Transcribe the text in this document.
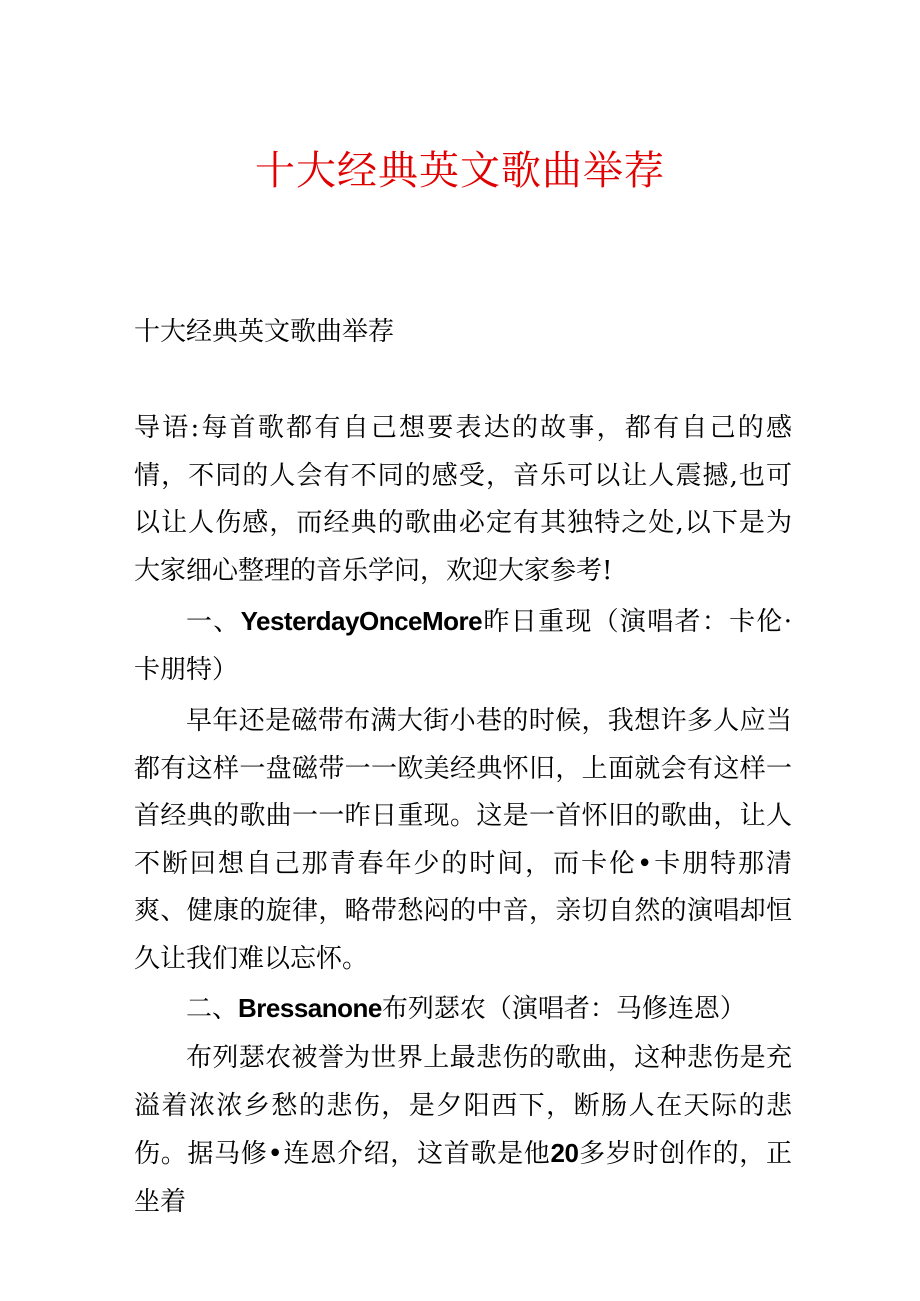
十大经典英文歌曲举荐

十大经典英文歌曲举荐

导语:每首歌都有自己想要表达的故事，都有自己的感情，不同的人会有不同的感受，音乐可以让人震撼,也可以让人伤感，而经典的歌曲必定有其独特之处,以下是为大家细心整理的音乐学问，欢迎大家参考!

一、YesterdayOnceMore昨日重现（演唱者：卡伦·卡朋特）

早年还是磁带布满大街小巷的时候，我想许多人应当都有这样一盘磁带一一欧美经典怀旧，上面就会有这样一首经典的歌曲一一昨日重现。这是一首怀旧的歌曲，让人不断回想自己那青春年少的时间，而卡伦•卡朋特那清爽、健康的旋律，略带愁闷的中音，亲切自然的演唱却恒久让我们难以忘怀。

二、Bressanone布列瑟农（演唱者：马修连恩）

布列瑟农被誉为世界上最悲伤的歌曲，这种悲伤是充溢着浓浓乡愁的悲伤，是夕阳西下，断肠人在天际的悲伤。据马修•连恩介绍，这首歌是他20多岁时创作的，正坐着
